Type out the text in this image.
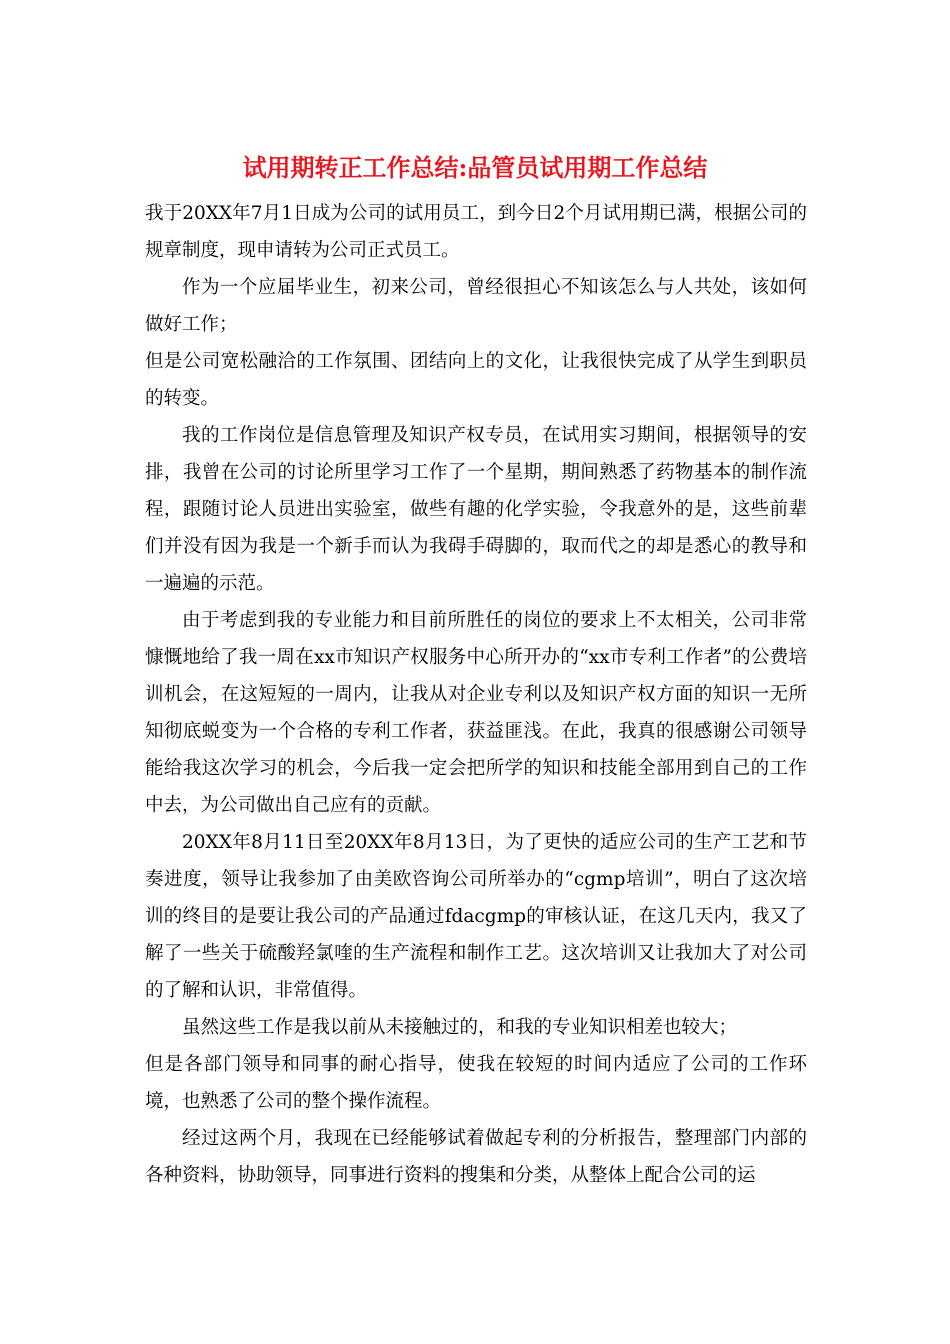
试用期转正工作总结:品管员试用期工作总结

我于20XX年7月1日成为公司的试用员工，到今日2个月试用期已满，根据公司的规章制度，现申请转为公司正式员工。

作为一个应届毕业生，初来公司，曾经很担心不知该怎么与人共处，该如何做好工作；

但是公司宽松融洽的工作氛围、团结向上的文化，让我很快完成了从学生到职员的转变。

我的工作岗位是信息管理及知识产权专员，在试用实习期间，根据领导的安排，我曾在公司的讨论所里学习工作了一个星期，期间熟悉了药物基本的制作流程，跟随讨论人员进出实验室，做些有趣的化学实验，令我意外的是，这些前辈们并没有因为我是一个新手而认为我碍手碍脚的，取而代之的却是悉心的教导和一遍遍的示范。

由于考虑到我的专业能力和目前所胜任的岗位的要求上不太相关，公司非常慷慨地给了我一周在xx市知识产权服务中心所开办的“xx市专利工作者”的公费培训机会，在这短短的一周内，让我从对企业专利以及知识产权方面的知识一无所知彻底蜕变为一个合格的专利工作者，获益匪浅。在此，我真的很感谢公司领导能给我这次学习的机会，今后我一定会把所学的知识和技能全部用到自己的工作中去，为公司做出自己应有的贡献。

20XX年8月11日至20XX年8月13日，为了更快的适应公司的生产工艺和节奏进度，领导让我参加了由美欧咨询公司所举办的“cgmp培训”，明白了这次培训的终目的是要让我公司的产品通过fdacgmp的审核认证，在这几天内，我又了解了一些关于硫酸羟氯喹的生产流程和制作工艺。这次培训又让我加大了对公司的了解和认识，非常值得。

虽然这些工作是我以前从未接触过的，和我的专业知识相差也较大；

但是各部门领导和同事的耐心指导，使我在较短的时间内适应了公司的工作环境，也熟悉了公司的整个操作流程。

经过这两个月，我现在已经能够试着做起专利的分析报告，整理部门内部的各种资料，协助领导，同事进行资料的搜集和分类，从整体上配合公司的运
